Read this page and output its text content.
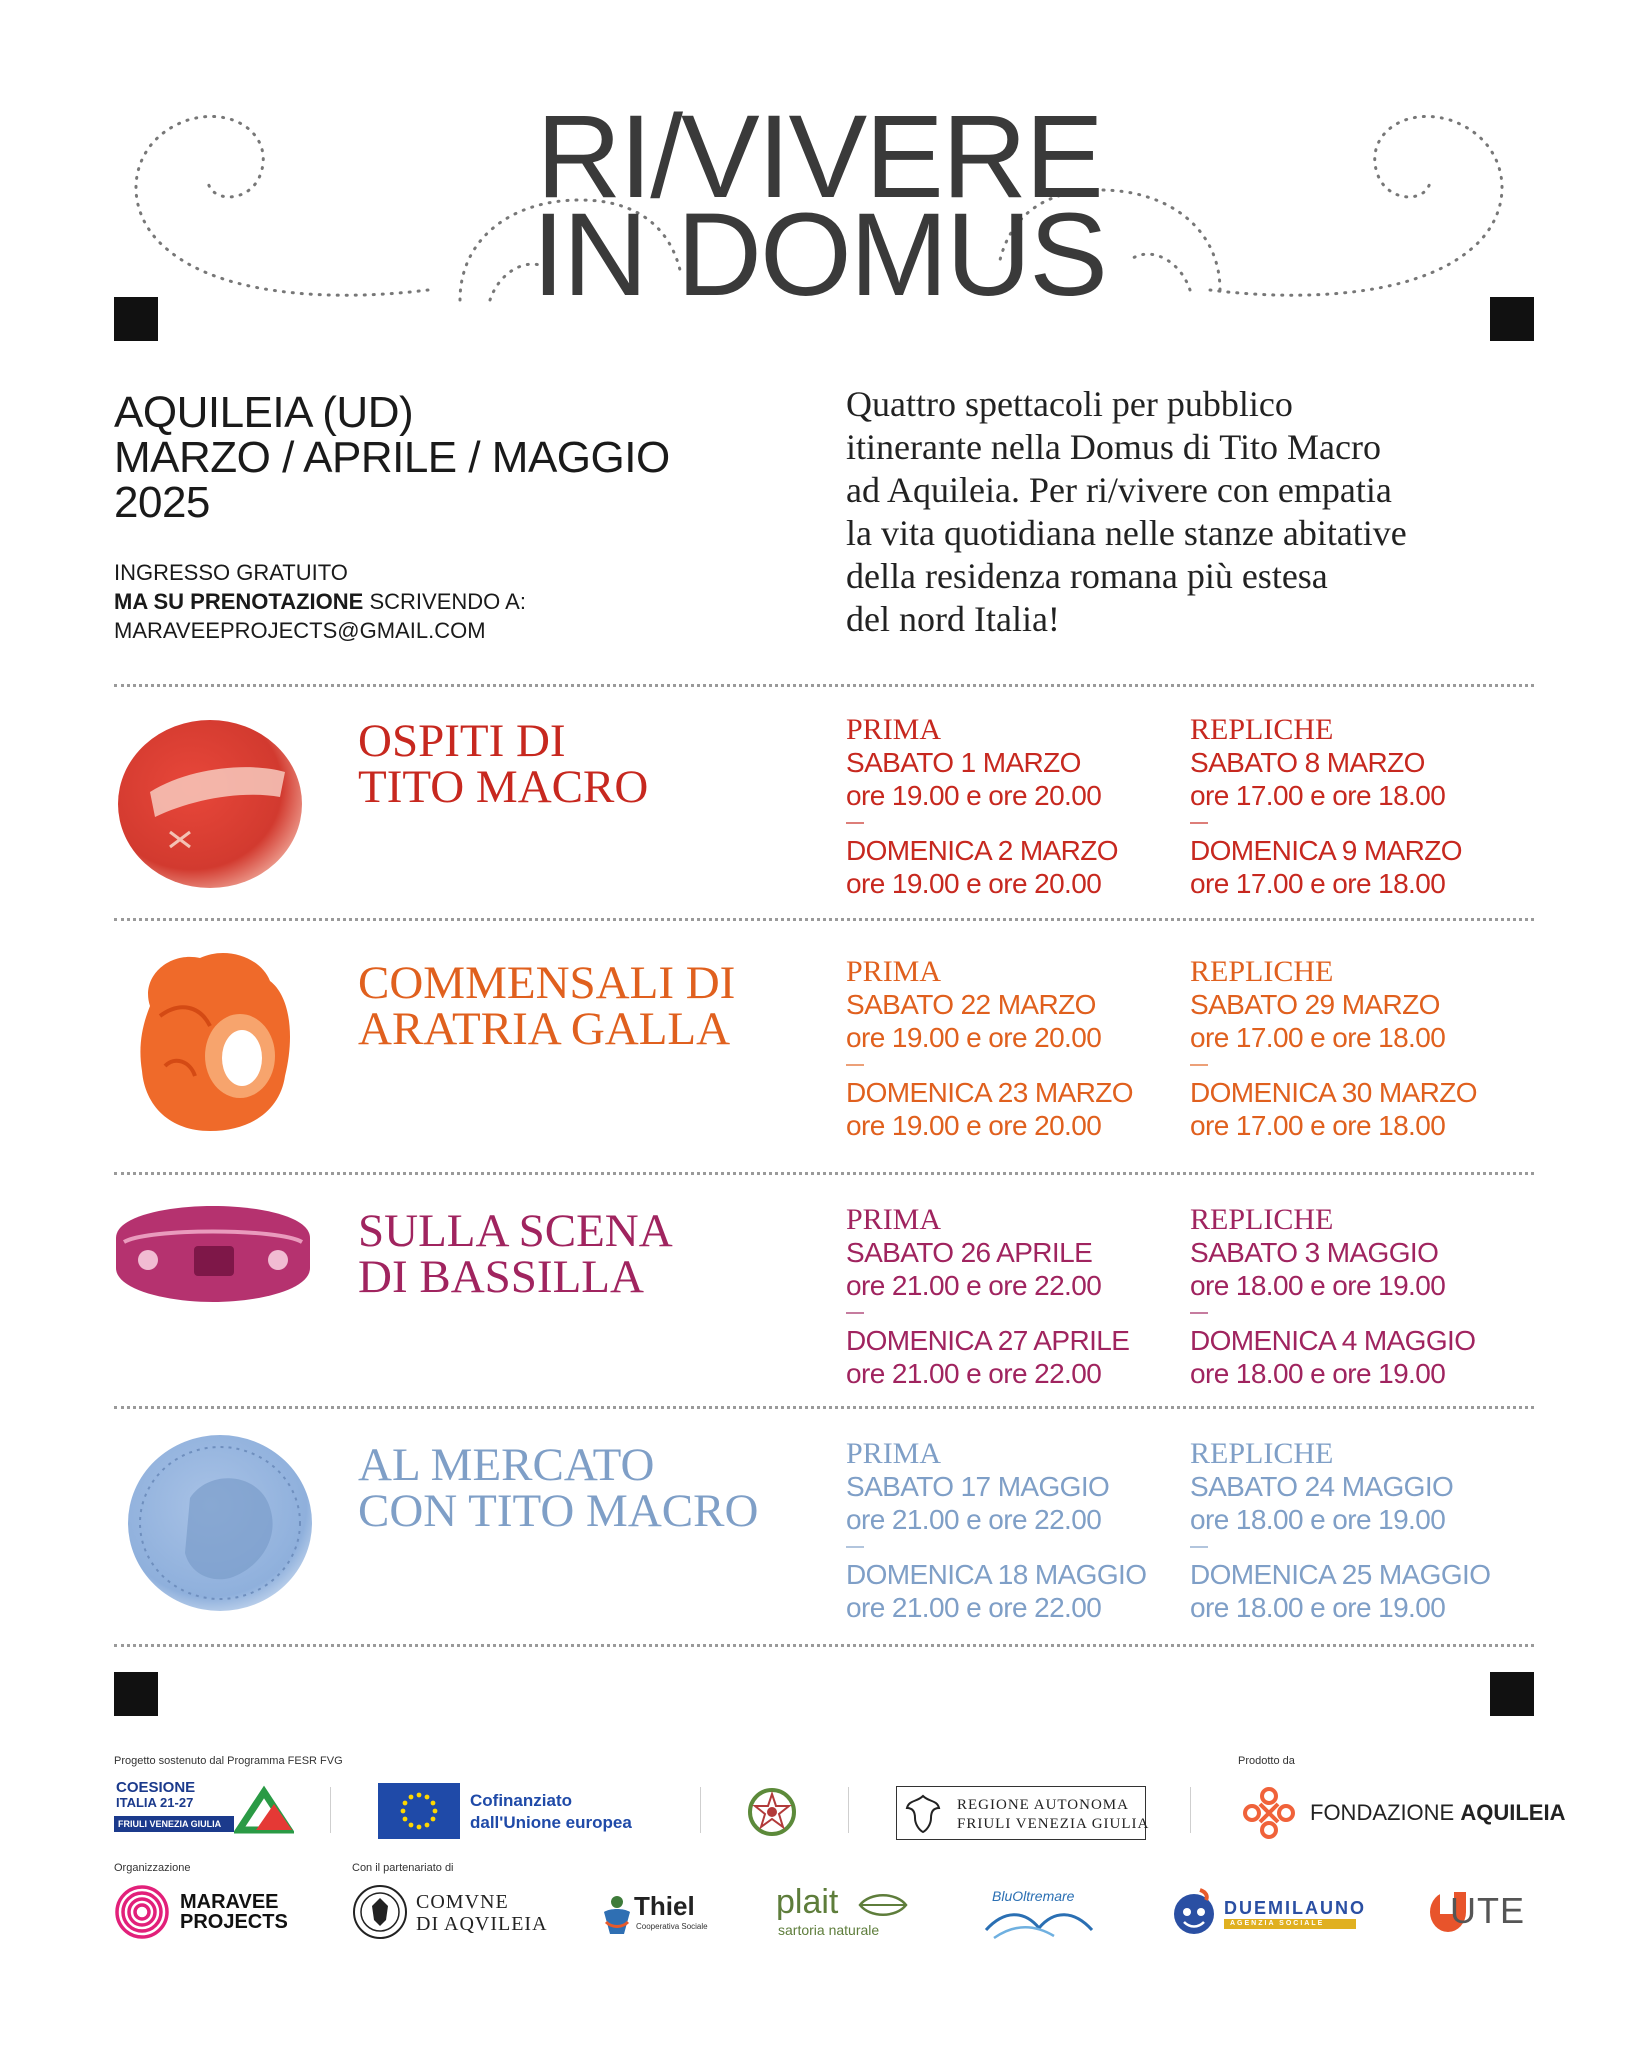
RI/VIVERE
IN DOMUS
AQUILEIA (UD)
MARZO / APRILE / MAGGIO
2025
INGRESSO GRATUITO
MA SU PRENOTAZIONE SCRIVENDO A:
MARAVEEPROJECTS@GMAIL.COM
Quattro spettacoli per pubblico
itinerante nella Domus di Tito Macro
ad Aquileia. Per ri/vivere con empatia
la vita quotidiana nelle stanze abitative
della residenza romana più estesa
del nord Italia!
OSPITI DI
TITO MACRO
PRIMA
SABATO 1 MARZO
ore 19.00 e ore 20.00
DOMENICA 2 MARZO
ore 19.00 e ore 20.00
REPLICHE
SABATO 8 MARZO
ore 17.00 e ore 18.00
DOMENICA 9 MARZO
ore 17.00 e ore 18.00
COMMENSALI DI
ARATRIA GALLA
PRIMA
SABATO 22 MARZO
ore 19.00 e ore 20.00
DOMENICA 23 MARZO
ore 19.00 e ore 20.00
REPLICHE
SABATO 29 MARZO
ore 17.00 e ore 18.00
DOMENICA 30 MARZO
ore 17.00 e ore 18.00
SULLA SCENA
DI BASSILLA
PRIMA
SABATO 26 APRILE
ore 21.00 e ore 22.00
DOMENICA 27 APRILE
ore 21.00 e ore 22.00
REPLICHE
SABATO 3 MAGGIO
ore 18.00 e ore 19.00
DOMENICA 4 MAGGIO
ore 18.00 e ore 19.00
AL MERCATO
CON TITO MACRO
PRIMA
SABATO 17 MAGGIO
ore 21.00 e ore 22.00
DOMENICA 18 MAGGIO
ore 21.00 e ore 22.00
REPLICHE
SABATO 24 MAGGIO
ore 18.00 e ore 19.00
DOMENICA 25 MAGGIO
ore 18.00 e ore 19.00
Progetto sostenuto dal Programma FESR FVG	Prodotto da
Organizzazione	Con il partenariato di
COESIONE
ITALIA 21-27
FRIULI VENEZIA GIULIA
Cofinanziato
dall'Unione europea
REGIONE AUTONOMA
FRIULI VENEZIA GIULIA	FONDAZIONE AQUILEIA
MARAVEE
PROJECTS
COMVNE
DI AQVILEIA
Thiel
Cooperativa Sociale
plait
sartoria naturale
BluOltremare
DUEMILAUNO
AGENZIA SOCIALE	UTE
